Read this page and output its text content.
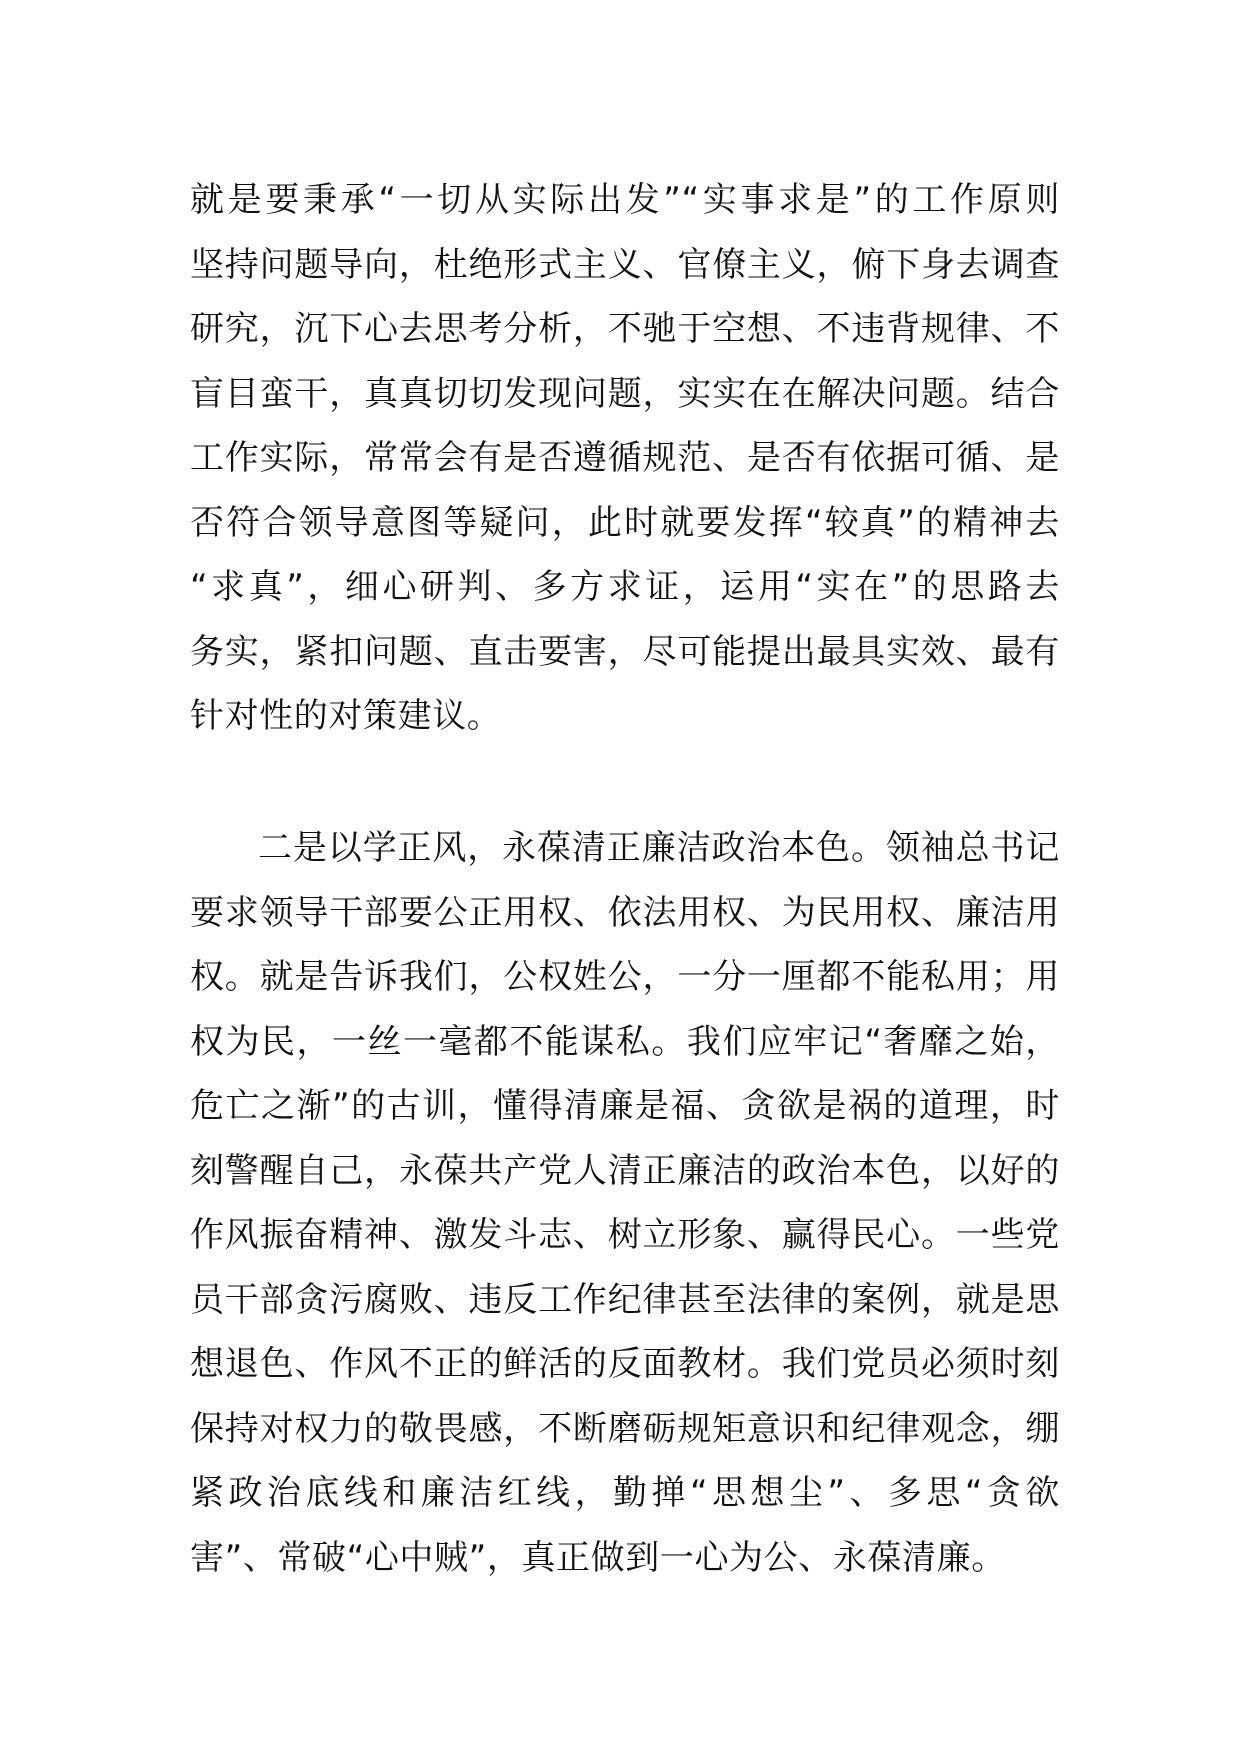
就是要秉承“一切从实际出发”“实事求是”的工作原则
坚持问题导向，杜绝形式主义、官僚主义，俯下身去调查
研究，沉下心去思考分析，不驰于空想、不违背规律、不
盲目蛮干，真真切切发现问题，实实在在解决问题。结合
工作实际，常常会有是否遵循规范、是否有依据可循、是
否符合领导意图等疑问，此时就要发挥“较真”的精神去
“求真”，细心研判、多方求证，运用“实在”的思路去
务实，紧扣问题、直击要害，尽可能提出最具实效、最有
针对性的对策建议。
二是以学正风，永葆清正廉洁政治本色。领袖总书记
要求领导干部要公正用权、依法用权、为民用权、廉洁用
权。就是告诉我们，公权姓公，一分一厘都不能私用；用
权为民，一丝一毫都不能谋私。我们应牢记“奢靡之始，
危亡之渐”的古训，懂得清廉是福、贪欲是祸的道理，时
刻警醒自己，永葆共产党人清正廉洁的政治本色，以好的
作风振奋精神、激发斗志、树立形象、赢得民心。一些党
员干部贪污腐败、违反工作纪律甚至法律的案例，就是思
想退色、作风不正的鲜活的反面教材。我们党员必须时刻
保持对权力的敬畏感，不断磨砺规矩意识和纪律观念，绷
紧政治底线和廉洁红线，勤掸“思想尘”、多思“贪欲
害”、常破“心中贼”，真正做到一心为公、永葆清廉。
